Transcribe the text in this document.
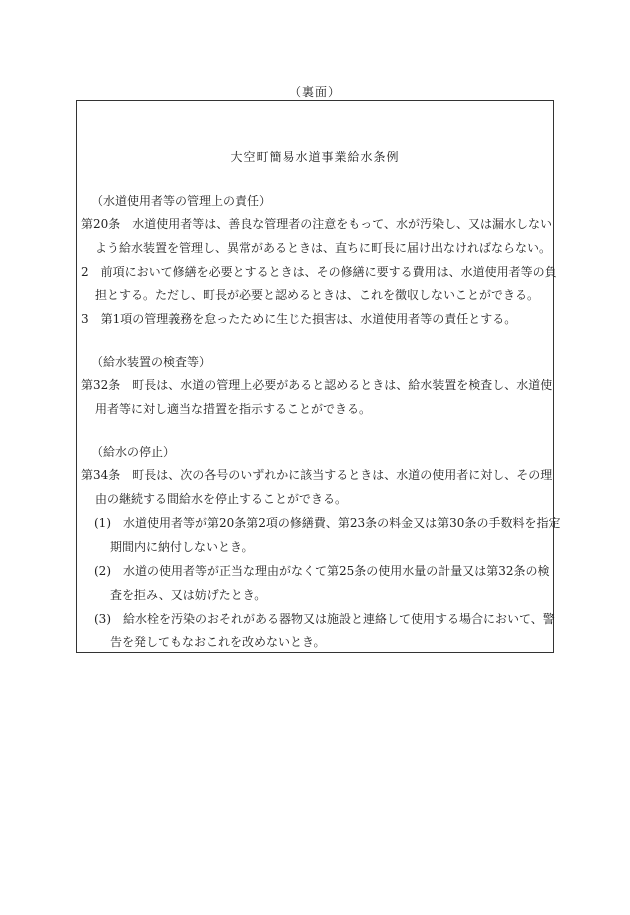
（裏面）
大空町簡易水道事業給水条例
（水道使用者等の管理上の責任）
第20条　水道使用者等は、善良な管理者の注意をもって、水が汚染し、又は漏水しない
よう給水装置を管理し、異常があるときは、直ちに町長に届け出なければならない。
2　前項において修繕を必要とするときは、その修繕に要する費用は、水道使用者等の負
担とする。ただし、町長が必要と認めるときは、これを徴収しないことができる。
3　第1項の管理義務を怠ったために生じた損害は、水道使用者等の責任とする。
（給水装置の検査等）
第32条　町長は、水道の管理上必要があると認めるときは、給水装置を検査し、水道使
用者等に対し適当な措置を指示することができる。
（給水の停止）
第34条　町長は、次の各号のいずれかに該当するときは、水道の使用者に対し、その理
由の継続する間給水を停止することができる。
(1)　水道使用者等が第20条第2項の修繕費、第23条の料金又は第30条の手数料を指定
期間内に納付しないとき。
(2)　水道の使用者等が正当な理由がなくて第25条の使用水量の計量又は第32条の検
査を拒み、又は妨げたとき。
(3)　給水栓を汚染のおそれがある器物又は施設と連絡して使用する場合において、警
告を発してもなおこれを改めないとき。
